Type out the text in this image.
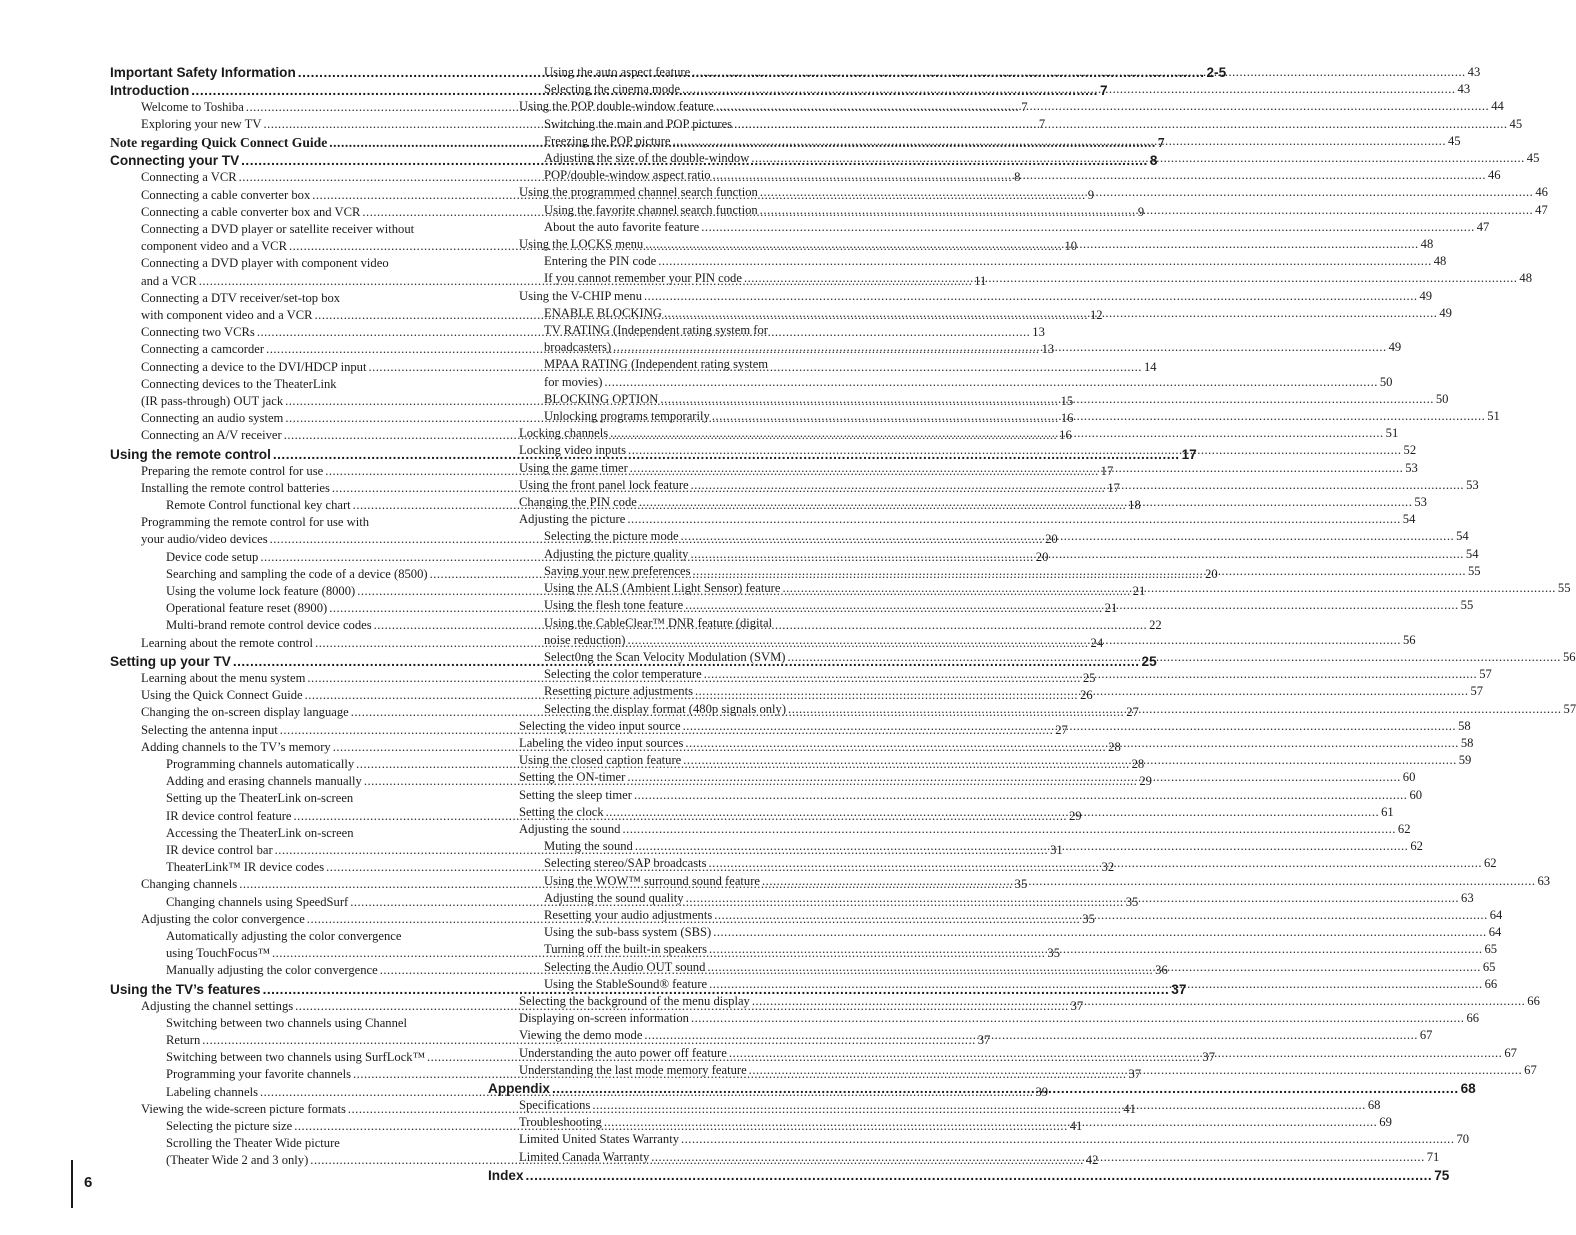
Important Safety Information .....	2-5
Introduction .....	7
Welcome to Toshiba .....	7
Exploring your new TV .....	7
Note regarding Quick Connect Guide .....	7
Connecting your TV .....	8
Connecting a VCR .....	8
Connecting a cable converter box .....	9
Connecting a cable converter box and VCR .....	9
Connecting a DVD player or satellite receiver without
component video and a VCR .....	10
Connecting a DVD player with component video
and a VCR .....	11
Connecting a DTV receiver/set-top box
with component video and a VCR .....	12
Connecting two VCRs .....	13
Connecting a camcorder .....	13
Connecting a device to the DVI/HDCP input .....	14
Connecting devices to the TheaterLink
(IR pass-through) OUT jack .....	15
Connecting an audio system .....	16
Connecting an A/V receiver .....	16
Using the remote control .....	17
Preparing the remote control for use .....	17
Installing the remote control batteries .....	17
Remote Control functional key chart .....	18
Programming the remote control for use with
your audio/video devices .....	20
Device code setup .....	20
Searching and sampling the code of a device (8500) .....	20
Using the volume lock feature (8000) .....	21
Operational feature reset (8900) .....	21
Multi-brand remote control device codes .....	22
Learning about the remote control .....	24
Setting up your TV .....	25
Learning about the menu system .....	25
Using the Quick Connect Guide .....	26
Changing the on-screen display language .....	27
Selecting the antenna input .....	27
Adding channels to the TV’s memory .....	28
Programming channels automatically .....	28
Adding and erasing channels manually .....	29
Setting up the TheaterLink on-screen
IR device control feature .....	29
Accessing the TheaterLink on-screen
IR device control bar .....	31
TheaterLink™ IR device codes .....	32
Changing channels .....	35
Changing channels using SpeedSurf .....	35
Adjusting the color convergence .....	35
Automatically adjusting the color convergence
using TouchFocus™ .....	35
Manually adjusting the color convergence .....	36
Using the TV’s features .....	37
Adjusting the channel settings .....	37
Switching between two channels using Channel
Return .....	37
Switching between two channels using SurfLock™ .....	37
Programming your favorite channels .....	37
Labeling channels .....	39
Viewing the wide-screen picture formats .....	41
Selecting the picture size .....	41
Scrolling the Theater Wide picture
(Theater Wide 2 and 3 only) .....	42
Using the auto aspect feature .....	43
Selecting the cinema mode .....	43
Using the POP double-window feature .....	44
Switching the main and POP pictures .....	45
Freezing the POP picture .....	45
Adjusting the size of the double-window .....	45
POP/double-window aspect ratio .....	46
Using the programmed channel search function .....	46
Using the favorite channel search function .....	47
About the auto favorite feature .....	47
Using the LOCKS menu .....	48
Entering the PIN code .....	48
If you cannot remember your PIN code .....	48
Using the V-CHIP menu .....	49
ENABLE BLOCKING .....	49
TV RATING (Independent rating system for
broadcasters) .....	49
MPAA RATING (Independent rating system
for movies) .....	50
BLOCKING OPTION .....	50
Unlocking programs temporarily .....	51
Locking channels .....	51
Locking video inputs .....	52
Using the game timer .....	53
Using the front panel lock feature .....	53
Changing the PIN code .....	53
Adjusting the picture .....	54
Selecting the picture mode .....	54
Adjusting the picture quality .....	54
Saving your new preferences .....	55
Using the ALS (Ambient Light Sensor) feature .....	55
Using the flesh tone feature .....	55
Using the CableClear™ DNR feature (digital
noise reduction) .....	56
Select0ng the Scan Velocity Modulation (SVM) .....	56
Selecting the color temperature .....	57
Resetting picture adjustments .....	57
Selecting the display format (480p signals only) .....	57
Selecting the video input source .....	58
Labeling the video input sources .....	58
Using the closed caption feature .....	59
Setting the ON-timer .....	60
Setting the sleep timer .....	60
Setting the clock .....	61
Adjusting the sound .....	62
Muting the sound .....	62
Selecting stereo/SAP broadcasts .....	62
Using the WOW™ surround sound feature .....	63
Adjusting the sound quality .....	63
Resetting your audio adjustments .....	64
Using the sub-bass system (SBS) .....	64
Turning off the built-in speakers .....	65
Selecting the Audio OUT sound .....	65
Using the StableSound® feature .....	66
Selecting the background of the menu display .....	66
Displaying on-screen information .....	66
Viewing the demo mode .....	67
Understanding the auto power off feature .....	67
Understanding the last mode memory feature .....	67
Appendix .....	68
Specifications .....	68
Troubleshooting .....	69
Limited United States Warranty .....	70
Limited Canada Warranty .....	71
Index .....	75
6
